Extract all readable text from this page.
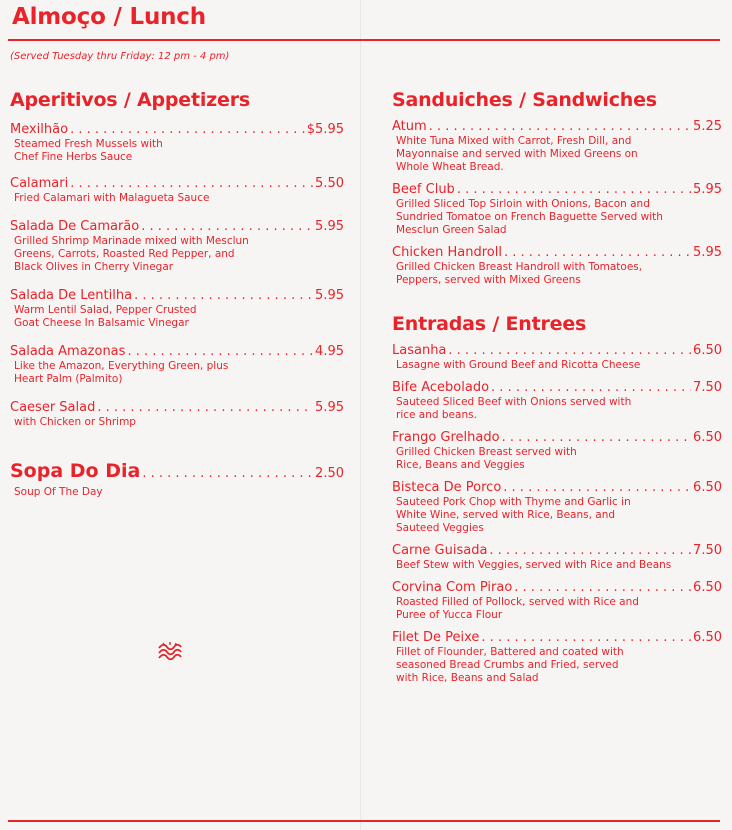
Almoço / Lunch
(Served Tuesday thru Friday: 12 pm - 4 pm)
Aperitivos / Appetizers
Mexilhão . . .	$5.95
Steamed Fresh Mussels with
Chef Fine Herbs Sauce
Calamari . . .	5.50
Fried Calamari with Malagueta Sauce
Salada De Camarão . . .	5.95
Grilled Shrimp Marinade mixed with Mesclun
Greens, Carrots, Roasted Red Pepper, and
Black Olives in Cherry Vinegar
Salada De Lentilha . . .	5.95
Warm Lentil Salad, Pepper Crusted
Goat Cheese In Balsamic Vinegar
Salada Amazonas . . .	4.95
Like the Amazon, Everything Green, plus
Heart Palm (Palmito)
Caeser Salad . . .	5.95
with Chicken or Shrimp
Sopa Do Dia . . .	2.50
Soup Of The Day
Sanduiches / Sandwiches
Atum . . .	5.25
White Tuna Mixed with Carrot, Fresh Dill, and
Mayonnaise and served with Mixed Greens on
Whole Wheat Bread.
Beef Club . . .	5.95
Grilled Sliced Top Sirloin with Onions, Bacon and
Sundried Tomatoe on French Baguette Served with
Mesclun Green Salad
Chicken Handroll . . .	5.95
Grilled Chicken Breast Handroll with Tomatoes,
Peppers, served with Mixed Greens
Entradas / Entrees
Lasanha . . .	6.50
Lasagne with Ground Beef and Ricotta Cheese
Bife Acebolado . . .	7.50
Sauteed Sliced Beef with Onions served with
rice and beans.
Frango Grelhado . . .	6.50
Grilled Chicken Breast served with
Rice, Beans and Veggies
Bisteca De Porco . . .	6.50
Sauteed Pork Chop with Thyme and Garlic in
White Wine, served with Rice, Beans, and
Sauteed Veggies
Carne Guisada . . .	7.50
Beef Stew with Veggies, served with Rice and Beans
Corvina Com Pirao . . .	6.50
Roasted Filled of Pollock, served with Rice and
Puree of Yucca Flour
Filet De Peixe . . .	6.50
Fillet of Flounder, Battered and coated with
seasoned Bread Crumbs and Fried, served
with Rice, Beans and Salad
